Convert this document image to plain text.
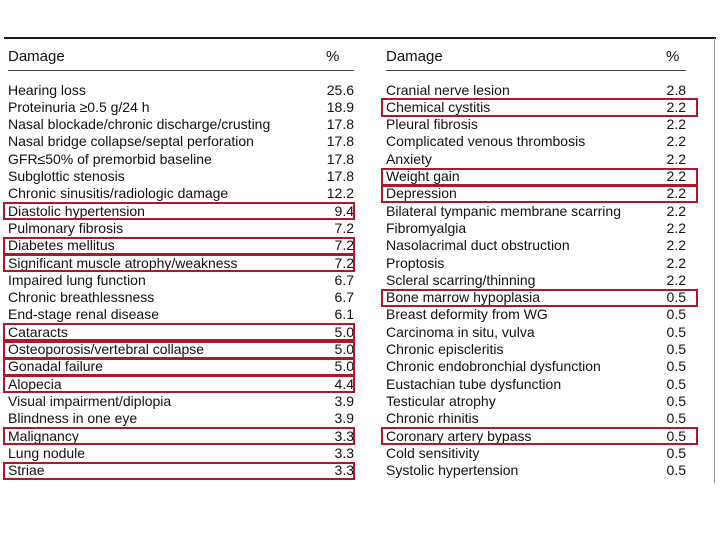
Damage	%
Hearing loss	25.6
Proteinuria ≥0.5 g/24 h	18.9
Nasal blockade/chronic discharge/crusting	17.8
Nasal bridge collapse/septal perforation	17.8
GFR≤50% of premorbid baseline	17.8
Subglottic stenosis	17.8
Chronic sinusitis/radiologic damage	12.2
Diastolic hypertension	9.4
Pulmonary fibrosis	7.2
Diabetes mellitus	7.2
Significant muscle atrophy/weakness	7.2
Impaired lung function	6.7
Chronic breathlessness	6.7
End-stage renal disease	6.1
Cataracts	5.0
Osteoporosis/vertebral collapse	5.0
Gonadal failure	5.0
Alopecia	4.4
Visual impairment/diplopia	3.9
Blindness in one eye	3.9
Malignancy	3.3
Lung nodule	3.3
Striae	3.3
Damage	%
Cranial nerve lesion	2.8
Chemical cystitis	2.2
Pleural fibrosis	2.2
Complicated venous thrombosis	2.2
Anxiety	2.2
Weight gain	2.2
Depression	2.2
Bilateral tympanic membrane scarring	2.2
Fibromyalgia	2.2
Nasolacrimal duct obstruction	2.2
Proptosis	2.2
Scleral scarring/thinning	2.2
Bone marrow hypoplasia	0.5
Breast deformity from WG	0.5
Carcinoma in situ, vulva	0.5
Chronic episcleritis	0.5
Chronic endobronchial dysfunction	0.5
Eustachian tube dysfunction	0.5
Testicular atrophy	0.5
Chronic rhinitis	0.5
Coronary artery bypass	0.5
Cold sensitivity	0.5
Systolic hypertension	0.5
